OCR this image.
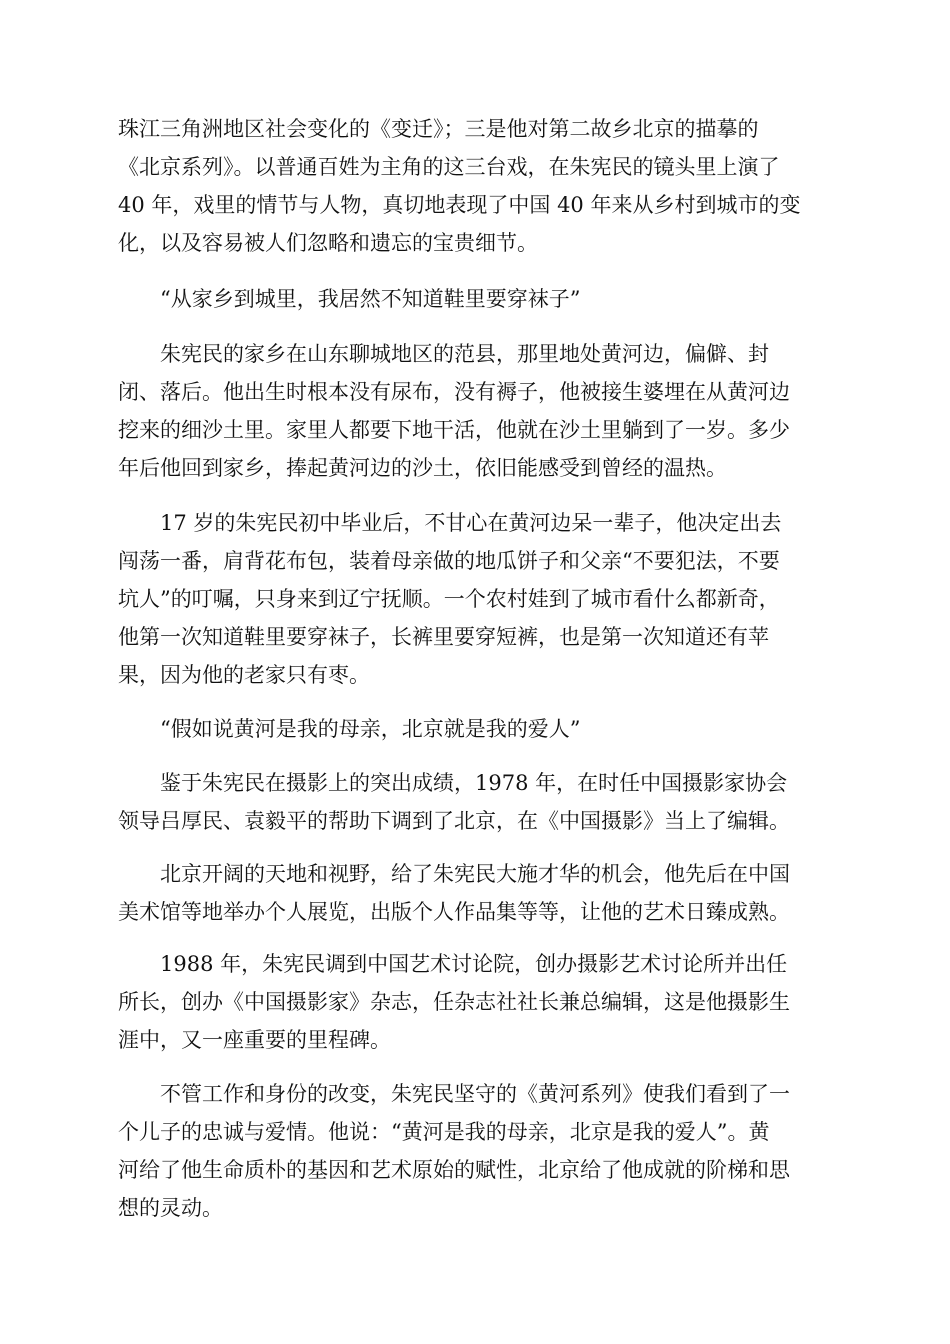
珠江三角洲地区社会变化的《变迁》；三是他对第二故乡北京的描摹的
《北京系列》。以普通百姓为主角的这三台戏，在朱宪民的镜头里上演了
40 年，戏里的情节与人物，真切地表现了中国 40 年来从乡村到城市的变
化，以及容易被人们忽略和遗忘的宝贵细节。
“从家乡到城里，我居然不知道鞋里要穿袜子”
朱宪民的家乡在山东聊城地区的范县，那里地处黄河边，偏僻、封
闭、落后。他出生时根本没有尿布，没有褥子，他被接生婆埋在从黄河边
挖来的细沙土里。家里人都要下地干活，他就在沙土里躺到了一岁。多少
年后他回到家乡，捧起黄河边的沙土，依旧能感受到曾经的温热。
17 岁的朱宪民初中毕业后，不甘心在黄河边呆一辈子，他决定出去
闯荡一番，肩背花布包，装着母亲做的地瓜饼子和父亲“不要犯法，不要
坑人”的叮嘱，只身来到辽宁抚顺。一个农村娃到了城市看什么都新奇，
他第一次知道鞋里要穿袜子，长裤里要穿短裤，也是第一次知道还有苹
果，因为他的老家只有枣。
“假如说黄河是我的母亲，北京就是我的爱人”
鉴于朱宪民在摄影上的突出成绩，1978 年，在时任中国摄影家协会
领导吕厚民、袁毅平的帮助下调到了北京，在《中国摄影》当上了编辑。
北京开阔的天地和视野，给了朱宪民大施才华的机会，他先后在中国
美术馆等地举办个人展览，出版个人作品集等等，让他的艺术日臻成熟。
1988 年，朱宪民调到中国艺术讨论院，创办摄影艺术讨论所并出任
所长，创办《中国摄影家》杂志，任杂志社社长兼总编辑，这是他摄影生
涯中，又一座重要的里程碑。
不管工作和身份的改变，朱宪民坚守的《黄河系列》使我们看到了一
个儿子的忠诚与爱情。他说：“黄河是我的母亲，北京是我的爱人”。黄
河给了他生命质朴的基因和艺术原始的赋性，北京给了他成就的阶梯和思
想的灵动。
